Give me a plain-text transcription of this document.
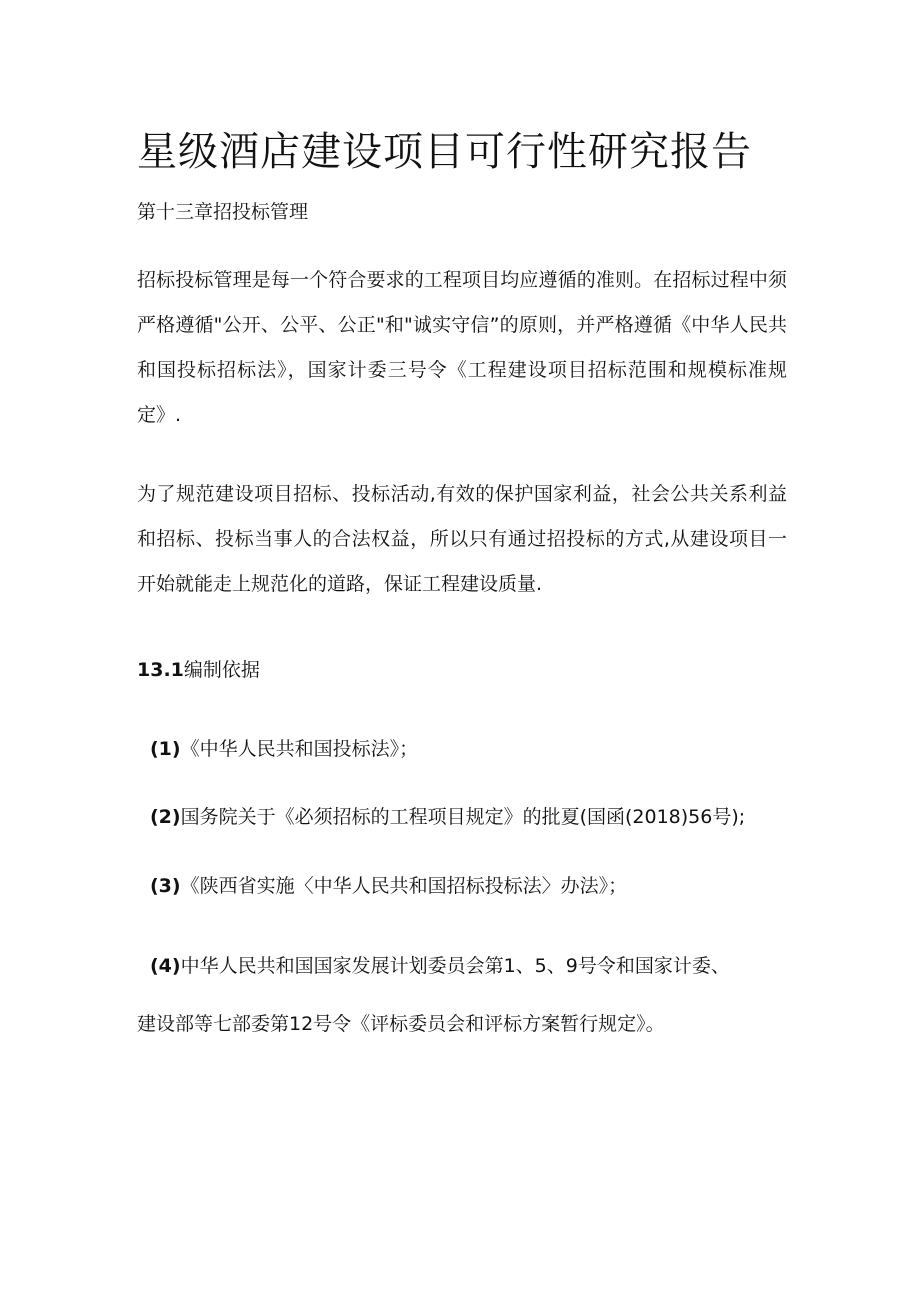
星级酒店建设项目可行性研究报告
第十三章招投标管理

招标投标管理是每一个符合要求的工程项目均应遵循的准则。在招标过程中须严格遵循"公开、公平、公正"和"诚实守信”的原则，并严格遵循《中华人民共和国投标招标法》，国家计委三号令《工程建设项目招标范围和规模标准规定》.

为了规范建设项目招标、投标活动,有效的保护国家利益，社会公共关系利益和招标、投标当事人的合法权益，所以只有通过招投标的方式,从建设项目一开始就能走上规范化的道路，保证工程建设质量.

13.1编制依据

(1)《中华人民共和国投标法》；

(2)国务院关于《必须招标的工程项目规定》的批夏(国函(2018)56号);

(3)《陕西省实施〈中华人民共和国招标投标法〉办法》；

(4)中华人民共和国国家发展计划委员会第1、5、9号令和国家计委、

建设部等七部委第12号令《评标委员会和评标方案暂行规定》。
